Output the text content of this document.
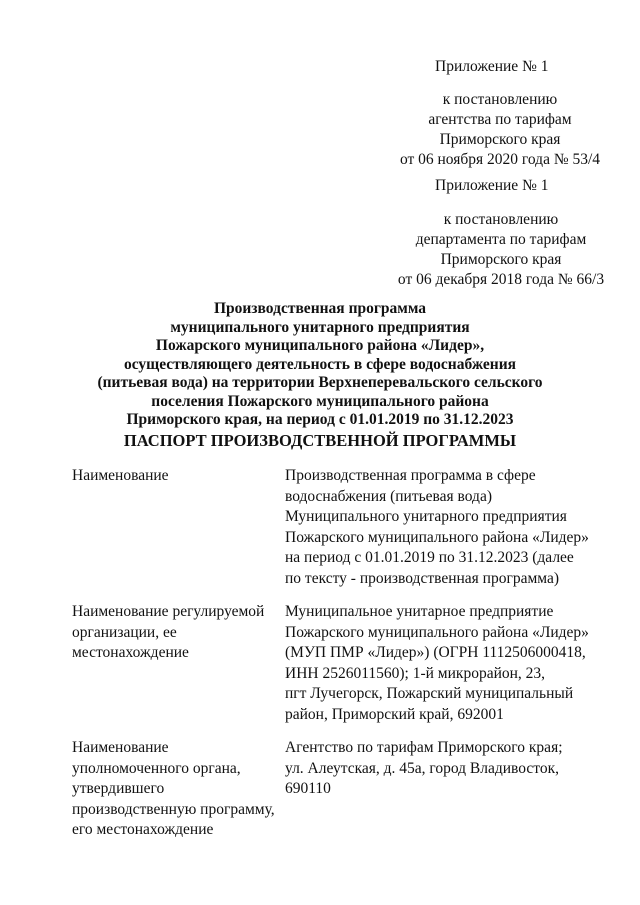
Приложение № 1
к постановлению
агентства по тарифам
Приморского края
от 06 ноября 2020 года № 53/4
Приложение № 1
к постановлению
департамента по тарифам
Приморского края
от 06 декабря 2018 года № 66/3
Производственная программа
муниципального унитарного предприятия
Пожарского муниципального района «Лидер»,
осуществляющего деятельность в сфере водоснабжения
(питьевая вода) на территории Верхнеперевальского сельского
поселения Пожарского муниципального района
Приморского края, на период с 01.01.2019 по 31.12.2023
ПАСПОРТ ПРОИЗВОДСТВЕННОЙ ПРОГРАММЫ
Наименование	Производственная программа в сфере
водоснабжения (питьевая вода)
Муниципального унитарного предприятия
Пожарского муниципального района «Лидер»
на период с 01.01.2019 по 31.12.2023 (далее
по тексту - производственная программа)
Наименование регулируемой
организации, ее
местонахождение
Муниципальное унитарное предприятие
Пожарского муниципального района «Лидер»
(МУП ПМР «Лидер») (ОГРН 1112506000418,
ИНН 2526011560); 1-й микрорайон, 23,
пгт Лучегорск, Пожарский муниципальный
район, Приморский край, 692001
Наименование
уполномоченного органа,
утвердившего
производственную программу,
его местонахождение
Агентство по тарифам Приморского края;
ул. Алеутская, д. 45а, город Владивосток,
690110
